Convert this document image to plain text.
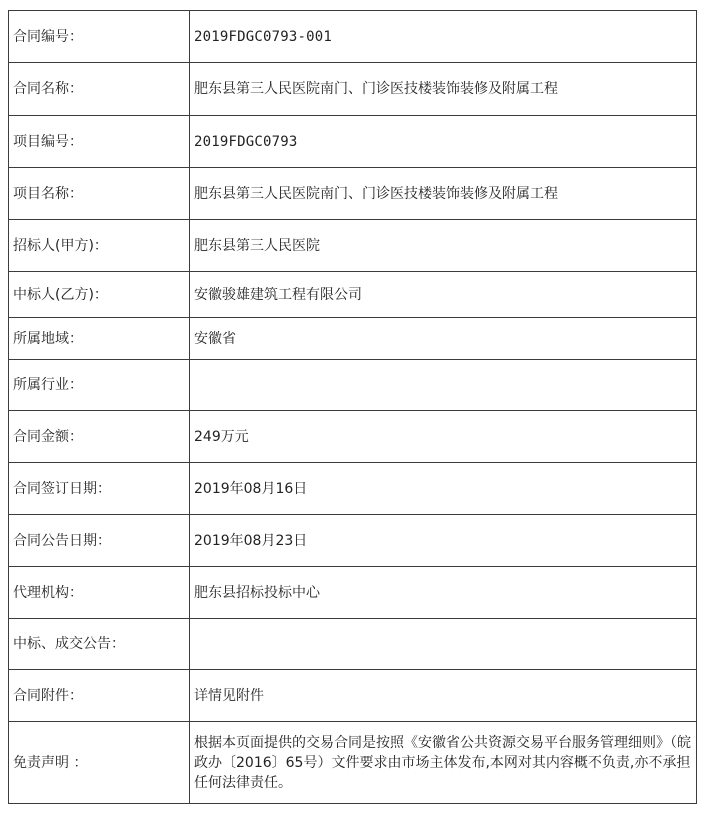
合同编号：	2019FDGC0793-001
合同名称：	肥东县第三人民医院南门、门诊医技楼装饰装修及附属工程
项目编号：	2019FDGC0793
项目名称：	肥东县第三人民医院南门、门诊医技楼装饰装修及附属工程
招标人(甲方)：	肥东县第三人民医院
中标人(乙方)：	安徽骏雄建筑工程有限公司
所属地域：	安徽省
所属行业：	
合同金额：	249万元
合同签订日期：	2019年08月16日
合同公告日期：	2019年08月23日
代理机构：	肥东县招标投标中心
中标、成交公告：	
合同附件：	详情见附件
免责声明 ：	根据本页面提供的交易合同是按照《安徽省公共资源交易平台服务管理细则》（皖政办〔2016〕65号）文件要求由市场主体发布,本网对其内容概不负责,亦不承担任何法律责任。
